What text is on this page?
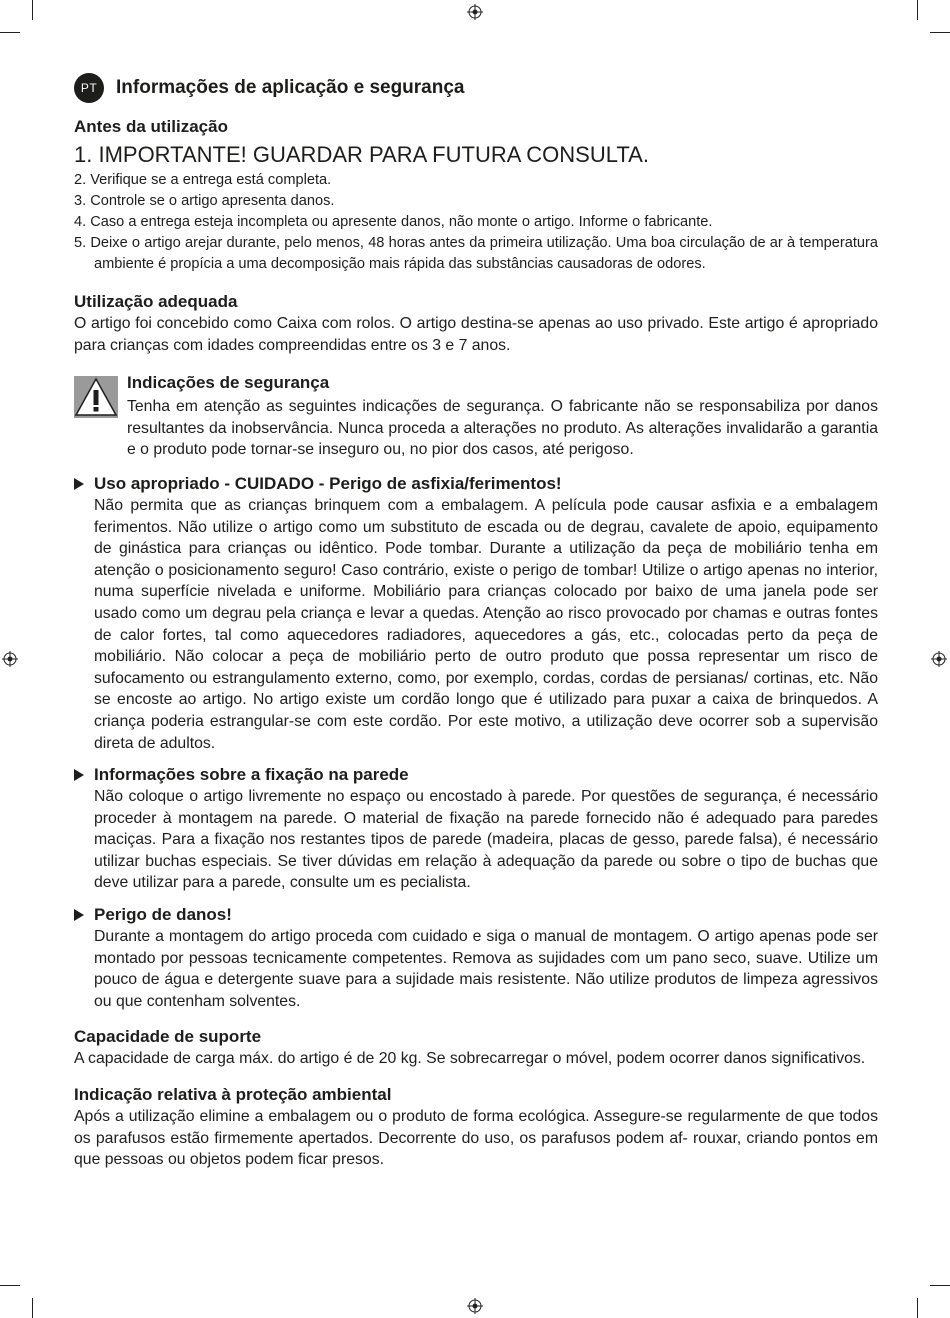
PT Informações de aplicação e segurança
Antes da utilização
1. IMPORTANTE! GUARDAR PARA FUTURA CONSULTA.
2. Verifique se a entrega está completa.
3. Controle se o artigo apresenta danos.
4. Caso a entrega esteja incompleta ou apresente danos, não monte o artigo. Informe o fabricante.
5. Deixe o artigo arejar durante, pelo menos, 48 horas antes da primeira utilização. Uma boa circulação de ar à temperatura ambiente é propícia a uma decomposição mais rápida das substâncias causadoras de odores.
Utilização adequada

O artigo foi concebido como Caixa com rolos. O artigo destina-se apenas ao uso privado. Este artigo é apropriado para crianças com idades compreendidas entre os 3 e 7 anos.

Indicações de segurança

Tenha em atenção as seguintes indicações de segurança. O fabricante não se responsabiliza por danos resultantes da inobservância. Nunca proceda a alterações no produto. As alterações invalidarão a garantia e o produto pode tornar-se inseguro ou, no pior dos casos, até perigoso.

Uso apropriado - CUIDADO - Perigo de asfixia/ferimentos!

Não permita que as crianças brinquem com a embalagem. A película pode causar asfixia e a embalagem ferimentos. Não utilize o artigo como um substituto de escada ou de degrau, cavalete de apoio, equipamento de ginástica para crianças ou idêntico. Pode tombar. Durante a utilização da peça de mobiliário tenha em atenção o posicionamento seguro! Caso contrário, existe o perigo de tombar! Utilize o artigo apenas no interior, numa superfície nivelada e uniforme. Mobiliário para crianças colocado por baixo de uma janela pode ser usado como um degrau pela criança e levar a quedas. Atenção ao risco provocado por chamas e outras fontes de calor fortes, tal como aquecedores radiadores, aquecedores a gás, etc., colocadas perto da peça de mobiliário. Não colocar a peça de mobiliário perto de outro produto que possa representar um risco de sufocamento ou estrangulamento externo, como, por exemplo, cordas, cordas de persianas/ cortinas, etc. Não se encoste ao artigo. No artigo existe um cordão longo que é utilizado para puxar a caixa de brinquedos. A criança poderia estrangular-se com este cordão. Por este motivo, a utilização deve ocorrer sob a supervisão direta de adultos.

Informações sobre a fixação na parede

Não coloque o artigo livremente no espaço ou encostado à parede. Por questões de segurança, é necessário proceder à montagem na parede. O material de fixação na parede fornecido não é adequado para paredes maciças. Para a fixação nos restantes tipos de parede (madeira, placas de gesso, parede falsa), é necessário utilizar buchas especiais. Se tiver dúvidas em relação à adequação da parede ou sobre o tipo de buchas que deve utilizar para a parede, consulte um es pecialista.

Perigo de danos!

Durante a montagem do artigo proceda com cuidado e siga o manual de montagem. O artigo apenas pode ser montado por pessoas tecnicamente competentes. Remova as sujidades com um pano seco, suave. Utilize um pouco de água e detergente suave para a sujidade mais resistente. Não utilize produtos de limpeza agressivos ou que contenham solventes.

Capacidade de suporte

A capacidade de carga máx. do artigo é de 20 kg. Se sobrecarregar o móvel, podem ocorrer danos significativos.

Indicação relativa à proteção ambiental

Após a utilização elimine a embalagem ou o produto de forma ecológica. Assegure-se regularmente de que todos os parafusos estão firmemente apertados. Decorrente do uso, os parafusos podem af- rouxar, criando pontos em que pessoas ou objetos podem ficar presos.
